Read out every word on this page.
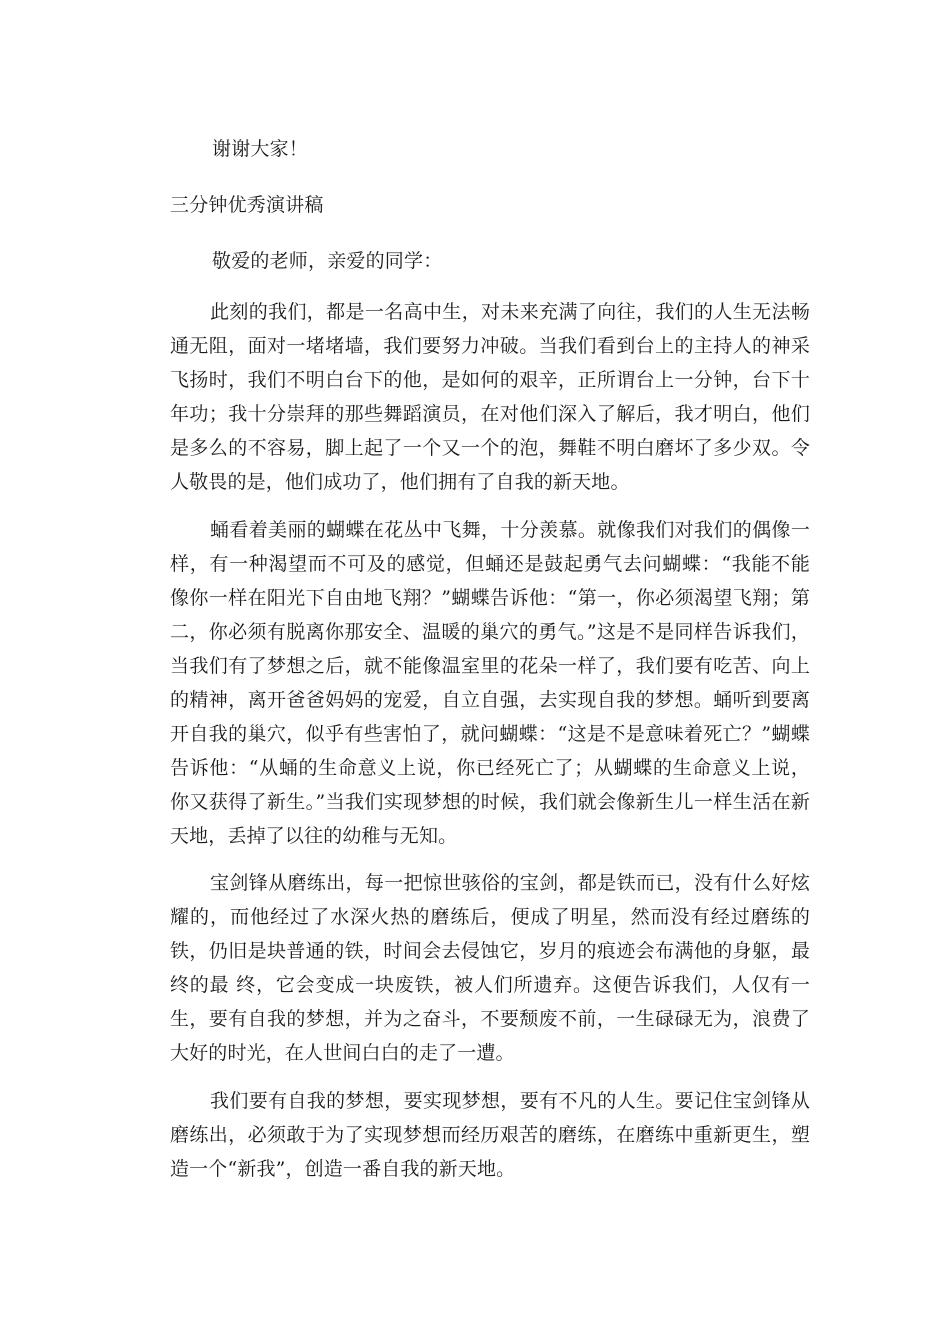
谢谢大家！
三分钟优秀演讲稿
敬爱的老师，亲爱的同学：

此刻的我们，都是一名高中生，对未来充满了向往，我们的人生无法畅通无阻，面对一堵堵墙，我们要努力冲破。当我们看到台上的主持人的神采飞扬时，我们不明白台下的他，是如何的艰辛，正所谓台上一分钟，台下十年功；我十分崇拜的那些舞蹈演员，在对他们深入了解后，我才明白，他们是多么的不容易，脚上起了一个又一个的泡，舞鞋不明白磨坏了多少双。令人敬畏的是，他们成功了，他们拥有了自我的新天地。

蛹看着美丽的蝴蝶在花丛中飞舞，十分羡慕。就像我们对我们的偶像一样，有一种渴望而不可及的感觉，但蛹还是鼓起勇气去问蝴蝶：“我能不能像你一样在阳光下自由地飞翔？”蝴蝶告诉他：“第一，你必须渴望飞翔；第二，你必须有脱离你那安全、温暖的巢穴的勇气。”这是不是同样告诉我们，当我们有了梦想之后，就不能像温室里的花朵一样了，我们要有吃苦、向上的精神，离开爸爸妈妈的宠爱，自立自强，去实现自我的梦想。蛹听到要离开自我的巢穴，似乎有些害怕了，就问蝴蝶：“这是不是意味着死亡？”蝴蝶告诉他：“从蛹的生命意义上说，你已经死亡了；从蝴蝶的生命意义上说，你又获得了新生。”当我们实现梦想的时候，我们就会像新生儿一样生活在新天地，丢掉了以往的幼稚与无知。

宝剑锋从磨练出，每一把惊世骇俗的宝剑，都是铁而已，没有什么好炫耀的，而他经过了水深火热的磨练后，便成了明星，然而没有经过磨练的铁，仍旧是块普通的铁，时间会去侵蚀它，岁月的痕迹会布满他的身躯，最 终的最 终，它会变成一块废铁，被人们所遗弃。这便告诉我们，人仅有一生，要有自我的梦想，并为之奋斗，不要颓废不前，一生碌碌无为，浪费了大好的时光，在人世间白白的走了一遭。

我们要有自我的梦想，要实现梦想，要有不凡的人生。要记住宝剑锋从磨练出，必须敢于为了实现梦想而经历艰苦的磨练，在磨练中重新更生，塑造一个“新我”，创造一番自我的新天地。
